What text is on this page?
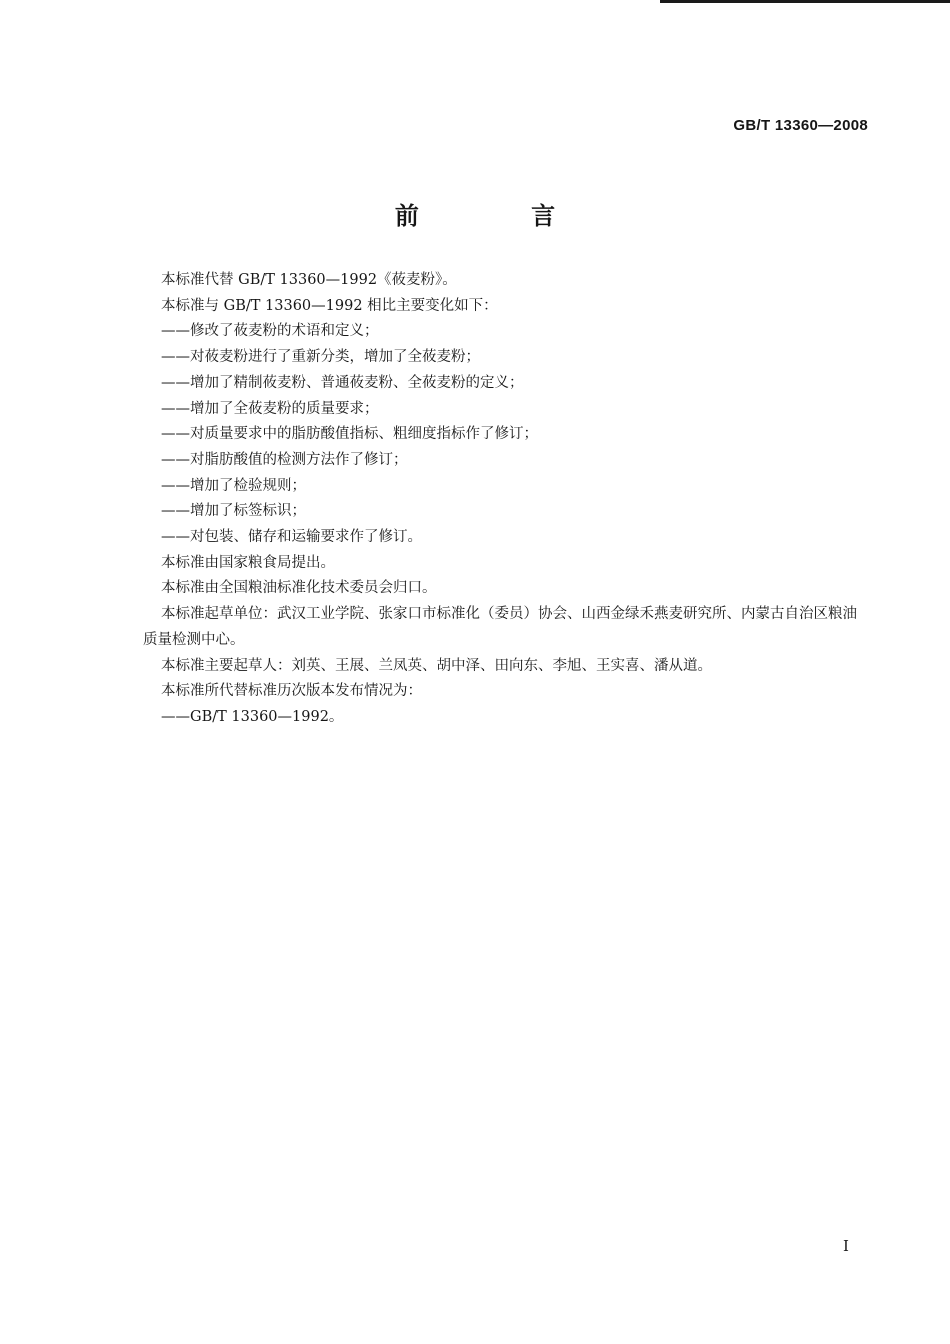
GB/T 13360—2008
前 言

本标准代替 GB/T 13360—1992《莜麦粉》。

本标准与 GB/T 13360—1992 相比主要变化如下：

——修改了莜麦粉的术语和定义；

——对莜麦粉进行了重新分类，增加了全莜麦粉；

——增加了精制莜麦粉、普通莜麦粉、全莜麦粉的定义；

——增加了全莜麦粉的质量要求；

——对质量要求中的脂肪酸值指标、粗细度指标作了修订；

——对脂肪酸值的检测方法作了修订；

——增加了检验规则；

——增加了标签标识；

——对包装、储存和运输要求作了修订。

本标准由国家粮食局提出。

本标准由全国粮油标准化技术委员会归口。

本标准起草单位：武汉工业学院、张家口市标准化（委员）协会、山西金绿禾燕麦研究所、内蒙古自治区粮油质量检测中心。

本标准主要起草人：刘英、王展、兰凤英、胡中泽、田向东、李旭、王实喜、潘从道。

本标准所代替标准历次版本发布情况为：

——GB/T 13360—1992。

I
